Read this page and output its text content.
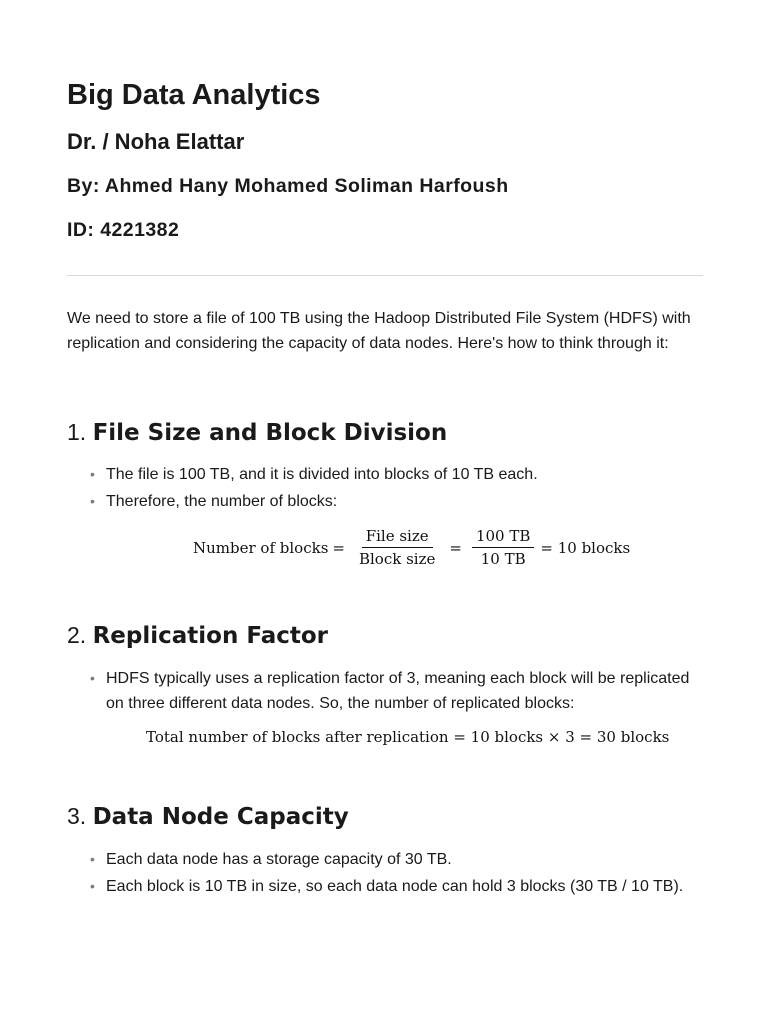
Big Data Analytics
Dr. / Noha Elattar
By: Ahmed Hany Mohamed Soliman Harfoush
ID: 4221382

We need to store a file of 100 TB using the Hadoop Distributed File System (HDFS) with replication and considering the capacity of data nodes. Here's how to think through it:

1. File Size and Block Division
• The file is 100 TB, and it is divided into blocks of 10 TB each.
• Therefore, the number of blocks:
Number of blocks = $\frac{\text{File size}}{\text{Block size}} = \frac{100 TB}{10 TB} = 10$ blocks
2. Replication Factor
• HDFS typically uses a replication factor of 3, meaning each block will be replicated on three different data nodes. So, the number of replicated blocks:
Total number of blocks after replication = 10 blocks × 3 = 30 blocks
3. Data Node Capacity
• Each data node has a storage capacity of 30 TB.
• Each block is 10 TB in size, so each data node can hold 3 blocks (30 TB / 10 TB).
